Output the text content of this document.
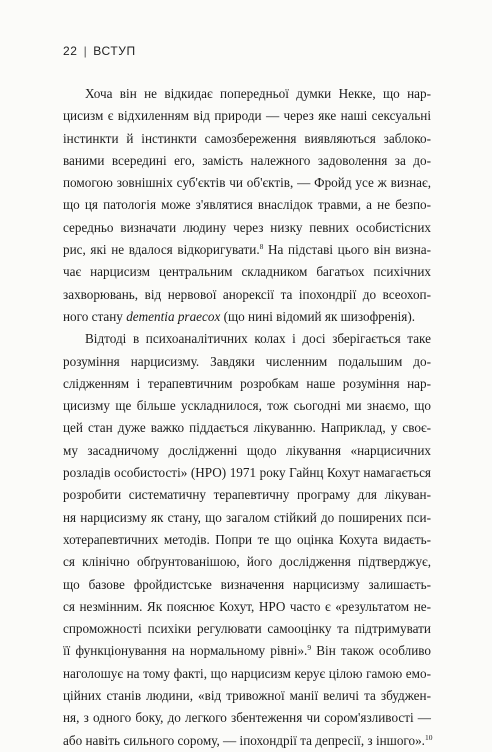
22 | ВСТУП
Хоча він не відкидає попередньої думки Некке, що нар-
цисизм є відхиленням від природи — через яке наші сексуальні
інстинкти й інстинкти самозбереження виявляються заблоко-
ваними всередині его, замість належного задоволення за до-
помогою зовнішніх суб'єктів чи об'єктів, — Фройд усе ж визнає,
що ця патологія може з'являтися внаслідок травми, а не безпо-
середньо визначати людину через низку певних особистісних
рис, які не вдалося відкоригувати.$^8$ На підставі цього він визна-
чає нарцисизм центральним складником багатьох психічних
захворювань, від нервової анорексії та іпохондрії до всеохоп-
ного стану dementia praecox (що нині відомий як шизофренія).
Відтоді в психоаналітичних колах і досі зберігається таке
розуміння нарцисизму. Завдяки численним подальшим до-
слідженням і терапевтичним розробкам наше розуміння нар-
цисизму ще більше ускладнилося, тож сьогодні ми знаємо, що
цей стан дуже важко піддається лікуванню. Наприклад, у своє-
му засадничому дослідженні щодо лікування «нарцисичних
розладів особистості» (НРО) 1971 року Гайнц Кохут намагається
розробити систематичну терапевтичну програму для лікуван-
ня нарцисизму як стану, що загалом стійкий до поширених пси-
хотерапевтичних методів. Попри те що оцінка Кохута видаєть-
ся клінічно обґрунтованішою, його дослідження підтверджує,
що базове фройдистське визначення нарцисизму залишаєть-
ся незмінним. Як пояснює Кохут, НРО часто є «результатом не-
спроможності психіки регулювати самооцінку та підтримувати
її функціонування на нормальному рівні».$^9$ Він також особливо
наголошує на тому факті, що нарцисизм керує цілою гамою емо-
ційних станів людини, «від тривожної манії величі та збуджен-
ня, з одного боку, до легкого збентеження чи сором'язливості —
або навіть сильного сорому, — іпохондрії та депресії, з іншого».$^{10}$
